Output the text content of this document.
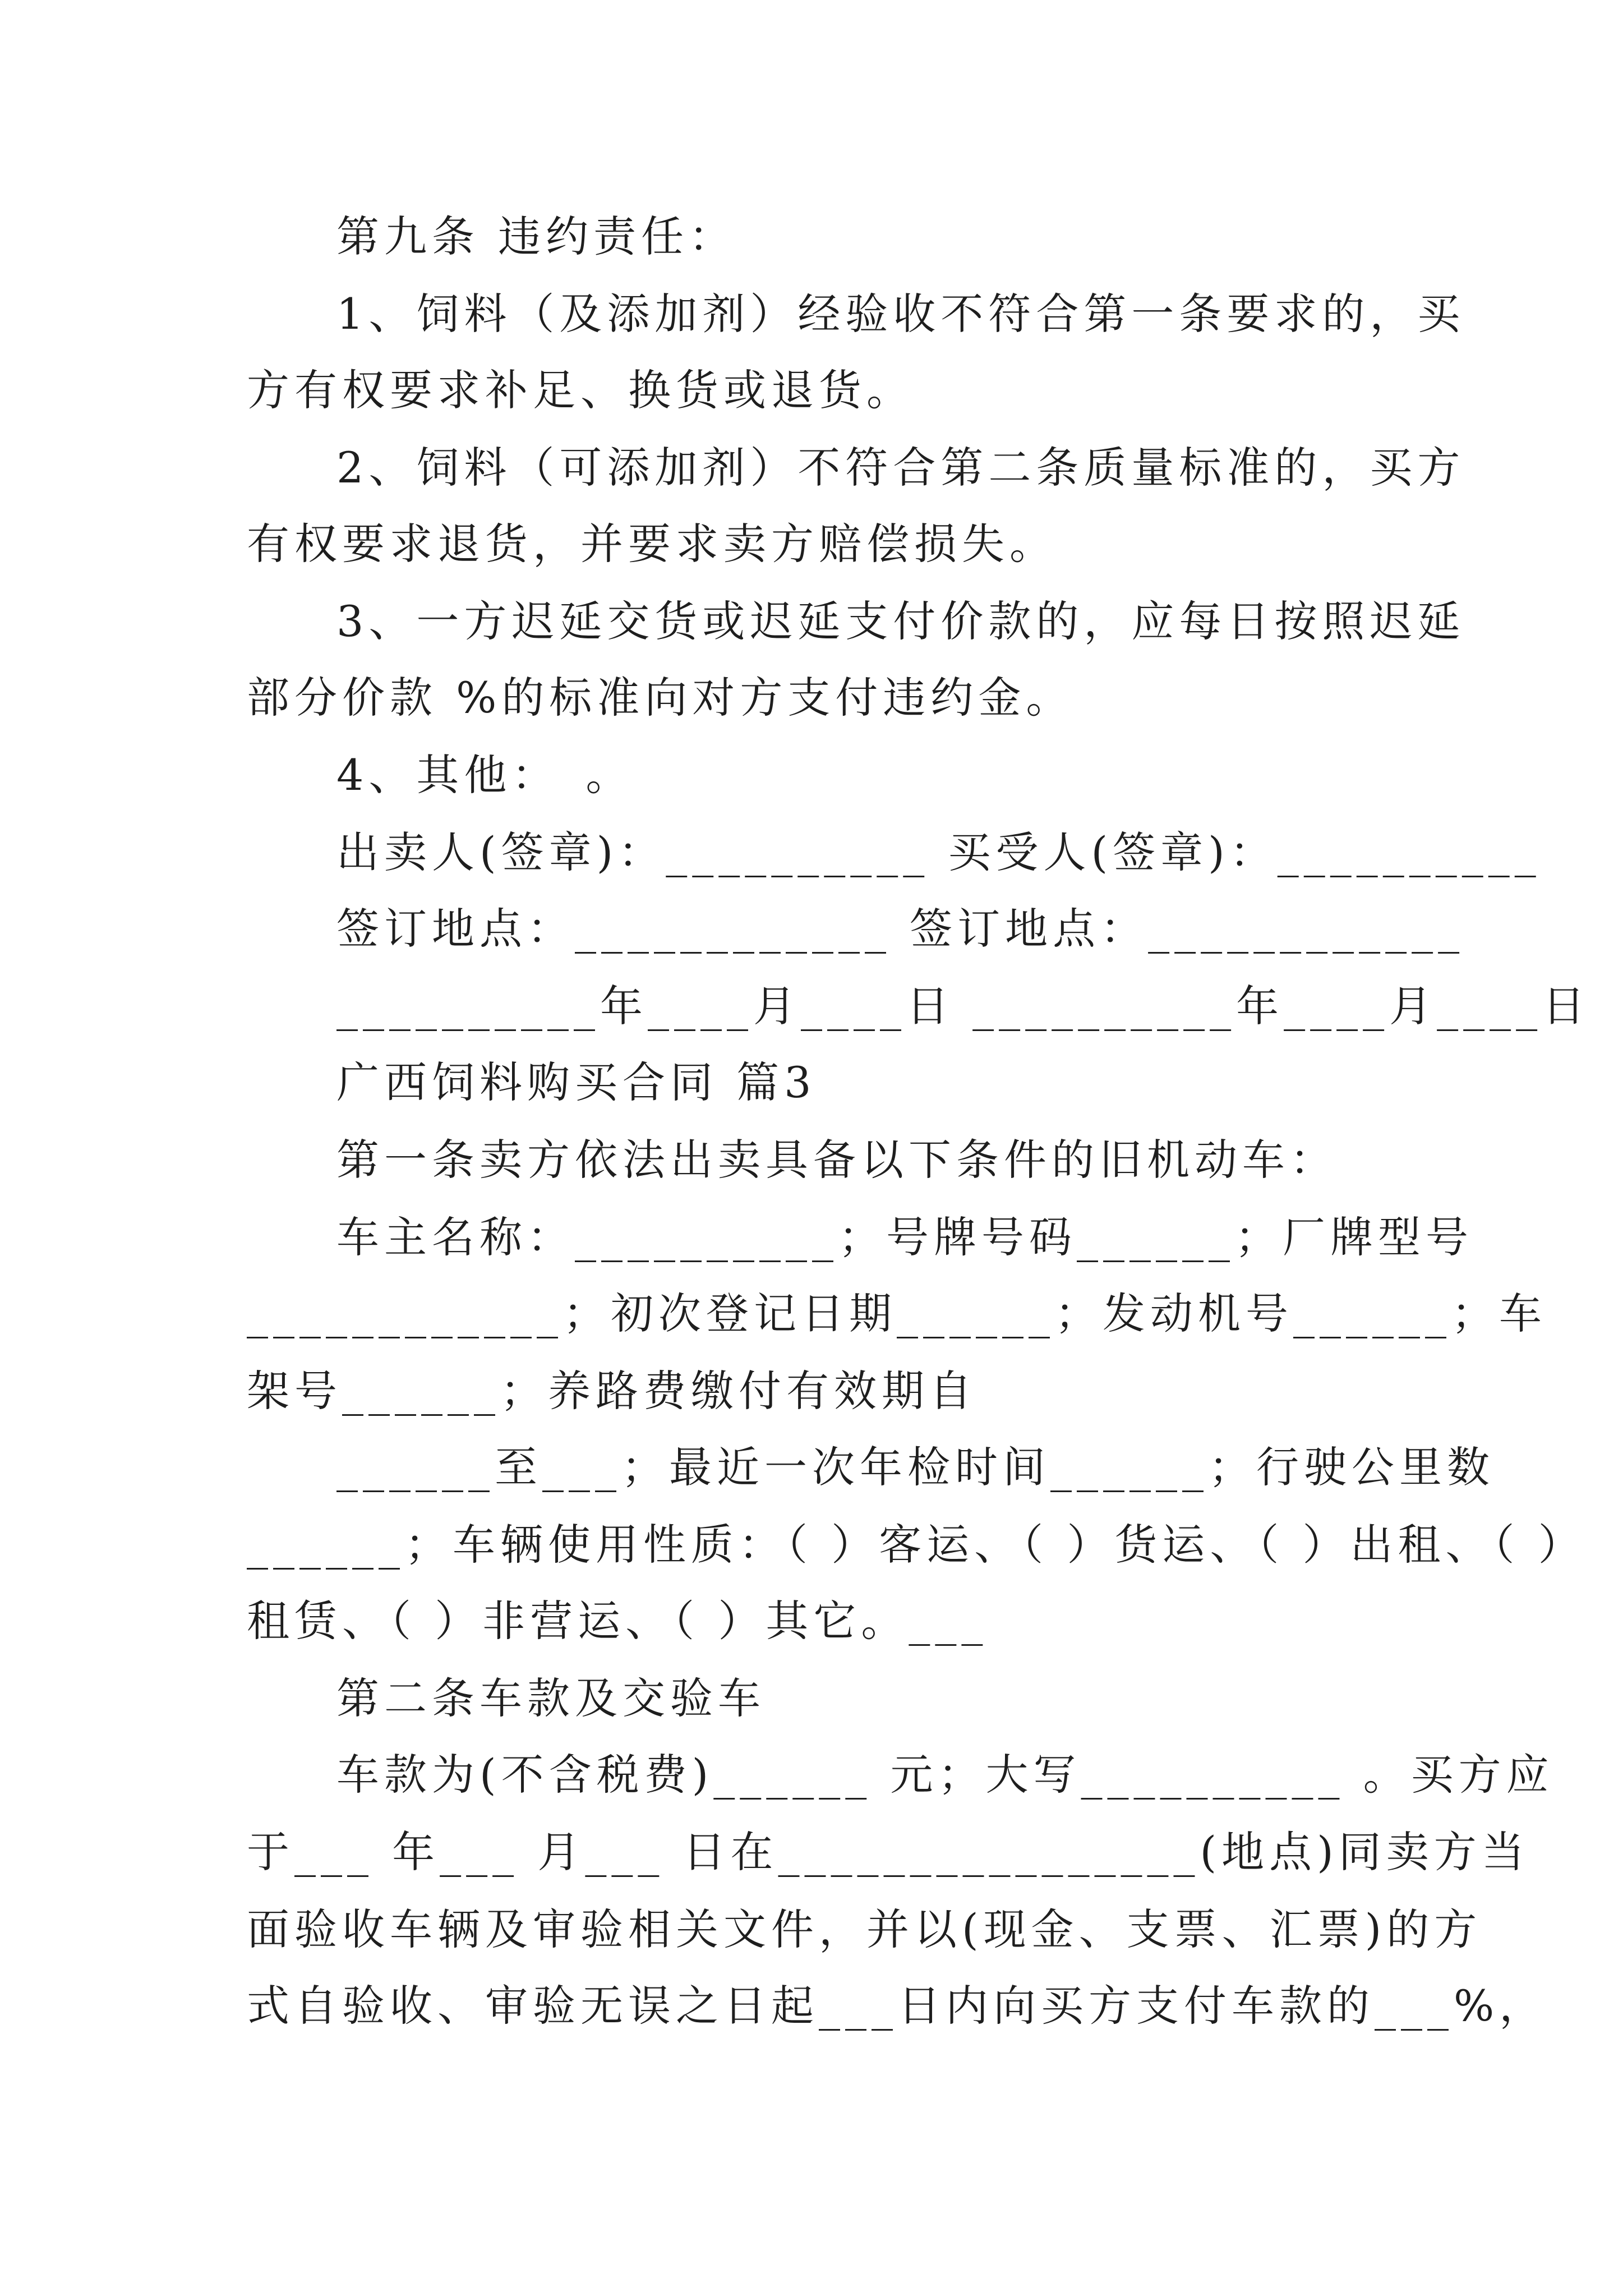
第九条 违约责任：
1、饲料（及添加剂）经验收不符合第一条要求的，买
方有权要求补足、换货或退货。
2、饲料（可添加剂）不符合第二条质量标准的，买方
有权要求退货，并要求卖方赔偿损失。
3、一方迟延交货或迟延支付价款的，应每日按照迟延
部分价款 %的标准向对方支付违约金。
4、其他：　。
出卖人(签章)：__________ 买受人(签章)：__________
签订地点：____________ 签订地点：____________
__________年____月____日 __________年____月____日
广西饲料购买合同 篇3
第一条卖方依法出卖具备以下条件的旧机动车：
车主名称：__________；号牌号码______；厂牌型号
____________；初次登记日期______；发动机号______；车
架号______；养路费缴付有效期自
______至___；最近一次年检时间______；行驶公里数
______；车辆使用性质：（ ）客运、（ ）货运、（ ）出租、（ ）
租赁、（ ）非营运、（ ）其它。___
第二条车款及交验车
车款为(不含税费)______ 元；大写__________ 。买方应
于___ 年___ 月___ 日在________________(地点)同卖方当
面验收车辆及审验相关文件，并以(现金、支票、汇票)的方
式自验收、审验无误之日起___日内向买方支付车款的___%，
